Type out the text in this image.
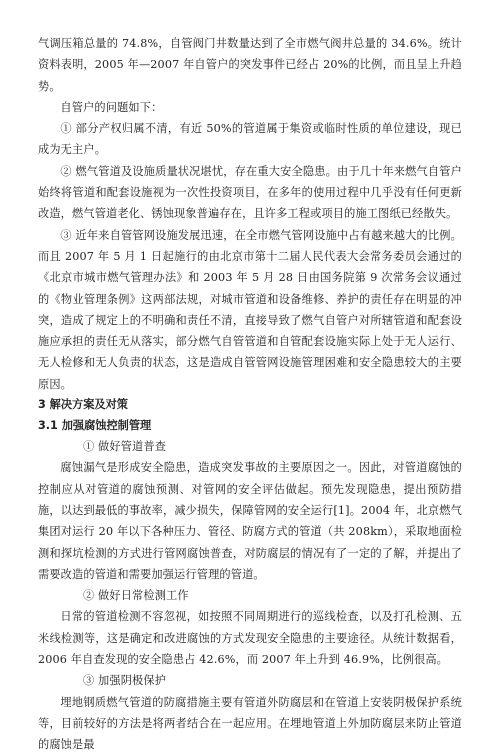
气调压箱总量的 74.8%，自管阀门井数量达到了全市燃气阀井总量的 34.6%。统计资料表明，2005 年—2007 年自管户的突发事件已经占 20%的比例，而且呈上升趋势。

自管户的问题如下：

① 部分产权归属不清，有近 50%的管道属于集资或临时性质的单位建设，现已成为无主户。

② 燃气管道及设施质量状况堪忧，存在重大安全隐患。由于几十年来燃气自管户始终将管道和配套设施视为一次性投资项目，在多年的使用过程中几乎没有任何更新改造，燃气管道老化、锈蚀现象普遍存在，且许多工程或项目的施工图纸已经散失。

③ 近年来自管管网设施发展迅速，在全市燃气管网设施中占有越来越大的比例。而且 2007 年 5 月 1 日起施行的由北京市第十二届人民代表大会常务委员会通过的《北京市城市燃气管理办法》和 2003 年 5 月 28 日由国务院第 9 次常务会议通过的《物业管理条例》这两部法规，对城市管道和设备维修、养护的责任存在明显的冲突，造成了规定上的不明确和责任不清，直接导致了燃气自管户对所辖管道和配套设施应承担的责任无从落实，部分燃气自管管道和自管配套设施实际上处于无人运行、无人检修和无人负责的状态，这是造成自管管网设施管理困难和安全隐患较大的主要原因。

3 解决方案及对策
3.1 加强腐蚀控制管理

① 做好管道普查

腐蚀漏气是形成安全隐患，造成突发事故的主要原因之一。因此，对管道腐蚀的控制应从对管道的腐蚀预测、对管网的安全评估做起。预先发现隐患，提出预防措施，以达到最低的事故率，减少损失，保障管网的安全运行[1]。2004 年，北京燃气集团对运行 20 年以下各种压力、管径、防腐方式的管道（共 208km），采取地面检测和探坑检测的方式进行管网腐蚀普查，对防腐层的情况有了一定的了解，并提出了需要改造的管道和需要加强运行管理的管道。

② 做好日常检测工作

日常的管道检测不容忽视，如按照不同周期进行的巡线检查，以及打孔检测、五米线检测等，这是确定和改进腐蚀的方式发现安全隐患的主要途径。从统计数据看，2006 年自查发现的安全隐患占 42.6%，而 2007 年上升到 46.9%，比例很高。

③ 加强阴极保护

埋地钢质燃气管道的防腐措施主要有管道外防腐层和在管道上安装阴极保护系统等，目前较好的方法是将两者结合在一起应用。在埋地管道上外加防腐层来防止管道的腐蚀是最
